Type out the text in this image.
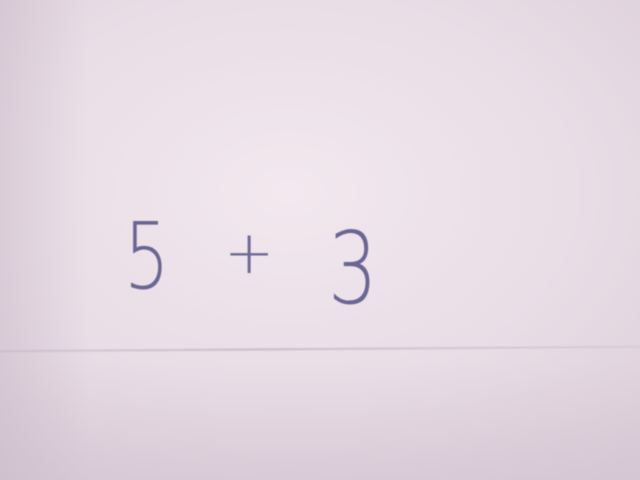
5 + 3
